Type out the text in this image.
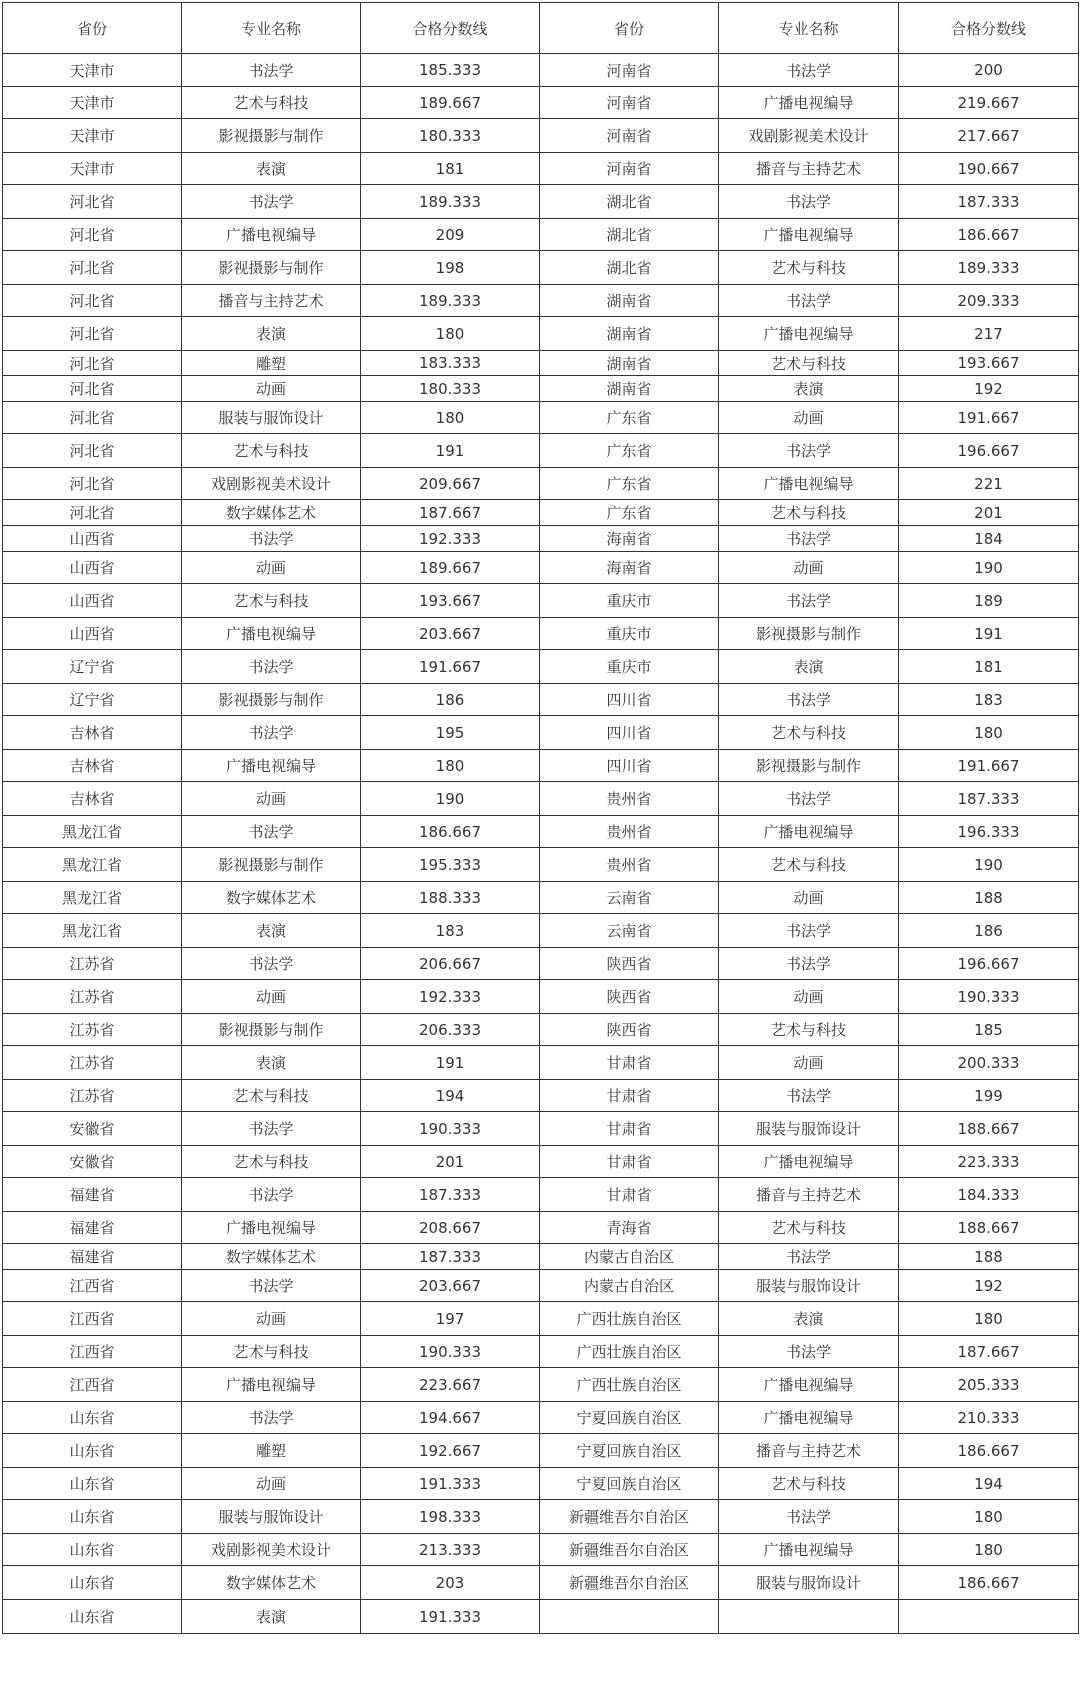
省份	专业名称	合格分数线	省份	专业名称	合格分数线
天津市	书法学	185.333	河南省	书法学	200
天津市	艺术与科技	189.667	河南省	广播电视编导	219.667
天津市	影视摄影与制作	180.333	河南省	戏剧影视美术设计	217.667
天津市	表演	181	河南省	播音与主持艺术	190.667
河北省	书法学	189.333	湖北省	书法学	187.333
河北省	广播电视编导	209	湖北省	广播电视编导	186.667
河北省	影视摄影与制作	198	湖北省	艺术与科技	189.333
河北省	播音与主持艺术	189.333	湖南省	书法学	209.333
河北省	表演	180	湖南省	广播电视编导	217
河北省	雕塑	183.333	湖南省	艺术与科技	193.667
河北省	动画	180.333	湖南省	表演	192
河北省	服装与服饰设计	180	广东省	动画	191.667
河北省	艺术与科技	191	广东省	书法学	196.667
河北省	戏剧影视美术设计	209.667	广东省	广播电视编导	221
河北省	数字媒体艺术	187.667	广东省	艺术与科技	201
山西省	书法学	192.333	海南省	书法学	184
山西省	动画	189.667	海南省	动画	190
山西省	艺术与科技	193.667	重庆市	书法学	189
山西省	广播电视编导	203.667	重庆市	影视摄影与制作	191
辽宁省	书法学	191.667	重庆市	表演	181
辽宁省	影视摄影与制作	186	四川省	书法学	183
吉林省	书法学	195	四川省	艺术与科技	180
吉林省	广播电视编导	180	四川省	影视摄影与制作	191.667
吉林省	动画	190	贵州省	书法学	187.333
黑龙江省	书法学	186.667	贵州省	广播电视编导	196.333
黑龙江省	影视摄影与制作	195.333	贵州省	艺术与科技	190
黑龙江省	数字媒体艺术	188.333	云南省	动画	188
黑龙江省	表演	183	云南省	书法学	186
江苏省	书法学	206.667	陕西省	书法学	196.667
江苏省	动画	192.333	陕西省	动画	190.333
江苏省	影视摄影与制作	206.333	陕西省	艺术与科技	185
江苏省	表演	191	甘肃省	动画	200.333
江苏省	艺术与科技	194	甘肃省	书法学	199
安徽省	书法学	190.333	甘肃省	服装与服饰设计	188.667
安徽省	艺术与科技	201	甘肃省	广播电视编导	223.333
福建省	书法学	187.333	甘肃省	播音与主持艺术	184.333
福建省	广播电视编导	208.667	青海省	艺术与科技	188.667
福建省	数字媒体艺术	187.333	内蒙古自治区	书法学	188
江西省	书法学	203.667	内蒙古自治区	服装与服饰设计	192
江西省	动画	197	广西壮族自治区	表演	180
江西省	艺术与科技	190.333	广西壮族自治区	书法学	187.667
江西省	广播电视编导	223.667	广西壮族自治区	广播电视编导	205.333
山东省	书法学	194.667	宁夏回族自治区	广播电视编导	210.333
山东省	雕塑	192.667	宁夏回族自治区	播音与主持艺术	186.667
山东省	动画	191.333	宁夏回族自治区	艺术与科技	194
山东省	服装与服饰设计	198.333	新疆维吾尔自治区	书法学	180
山东省	戏剧影视美术设计	213.333	新疆维吾尔自治区	广播电视编导	180
山东省	数字媒体艺术	203	新疆维吾尔自治区	服装与服饰设计	186.667
山东省	表演	191.333			
